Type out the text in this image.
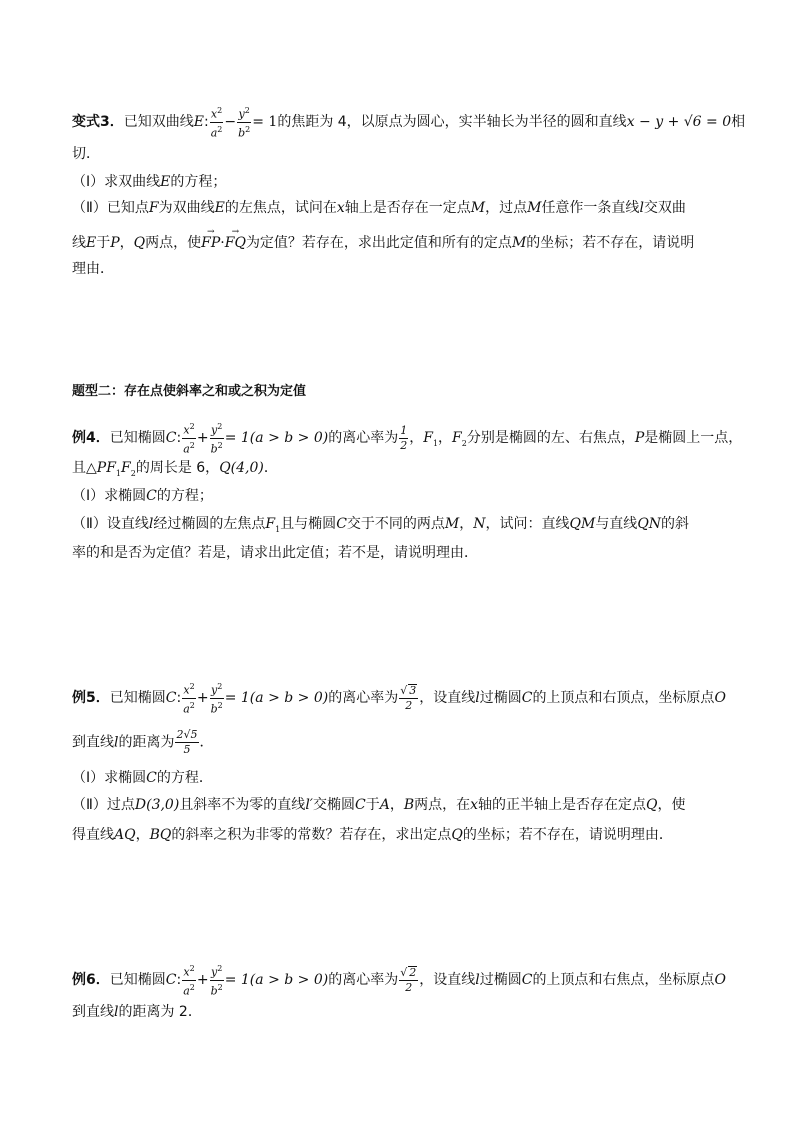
变式3．已知双曲线E: $\frac{x^2}{a^2} - \frac{y^2}{b^2} = 1$的焦距为 4，以原点为圆心，实半轴长为半径的圆和直线x − y + √6 = 0相
切．
（Ⅰ）求双曲线E的方程；
（Ⅱ）已知点F为双曲线E的左焦点，试问在x轴上是否存在一定点M，过点M任意作一条直线l交双曲
线E于P，Q两点，使→ FP·→ FQ为定值？若存在，求出此定值和所有的定点M的坐标；若不存在，请说明
理由．
题型二：存在点使斜率之和或之积为定值
例4．已知椭圆C: $\frac{x^2}{a^2} + \frac{y^2}{b^2} = 1(a > b > 0)$的离心率为 $\frac{1}{2}$ ，$F_1$，$F_2$分别是椭圆的左、右焦点，P是椭圆上一点，
且$\triangle PF_1F_2$的周长是 6，Q(4,0)．
（Ⅰ）求椭圆C的方程；
（Ⅱ）设直线l经过椭圆的左焦点$F_1$且与椭圆C交于不同的两点M，N，试问：直线QM与直线QN的斜
率的和是否为定值？若是，请求出此定值；若不是，请说明理由．
例5．已知椭圆C: $\frac{x^2}{a^2} + \frac{y^2}{b^2} = 1(a > b > 0)$的离心率为 $\frac{√ 3}{2}$ ，设直线l过椭圆C的上顶点和右顶点，坐标原点O
到直线l的距离为 $\frac{2√5}{5}$ ．
（Ⅰ）求椭圆C的方程．
（Ⅱ）过点D(3,0)且斜率不为零的直线l′交椭圆C于A，B两点，在x轴的正半轴上是否存在定点Q，使
得直线AQ，BQ的斜率之积为非零的常数？若存在，求出定点Q的坐标；若不存在，请说明理由．
例6．已知椭圆C: $\frac{x^2}{a^2} + \frac{y^2}{b^2} = 1(a > b > 0)$的离心率为 $\frac{√ 2}{2}$ ，设直线l过椭圆C的上顶点和右焦点，坐标原点O
到直线l的距离为 2．
